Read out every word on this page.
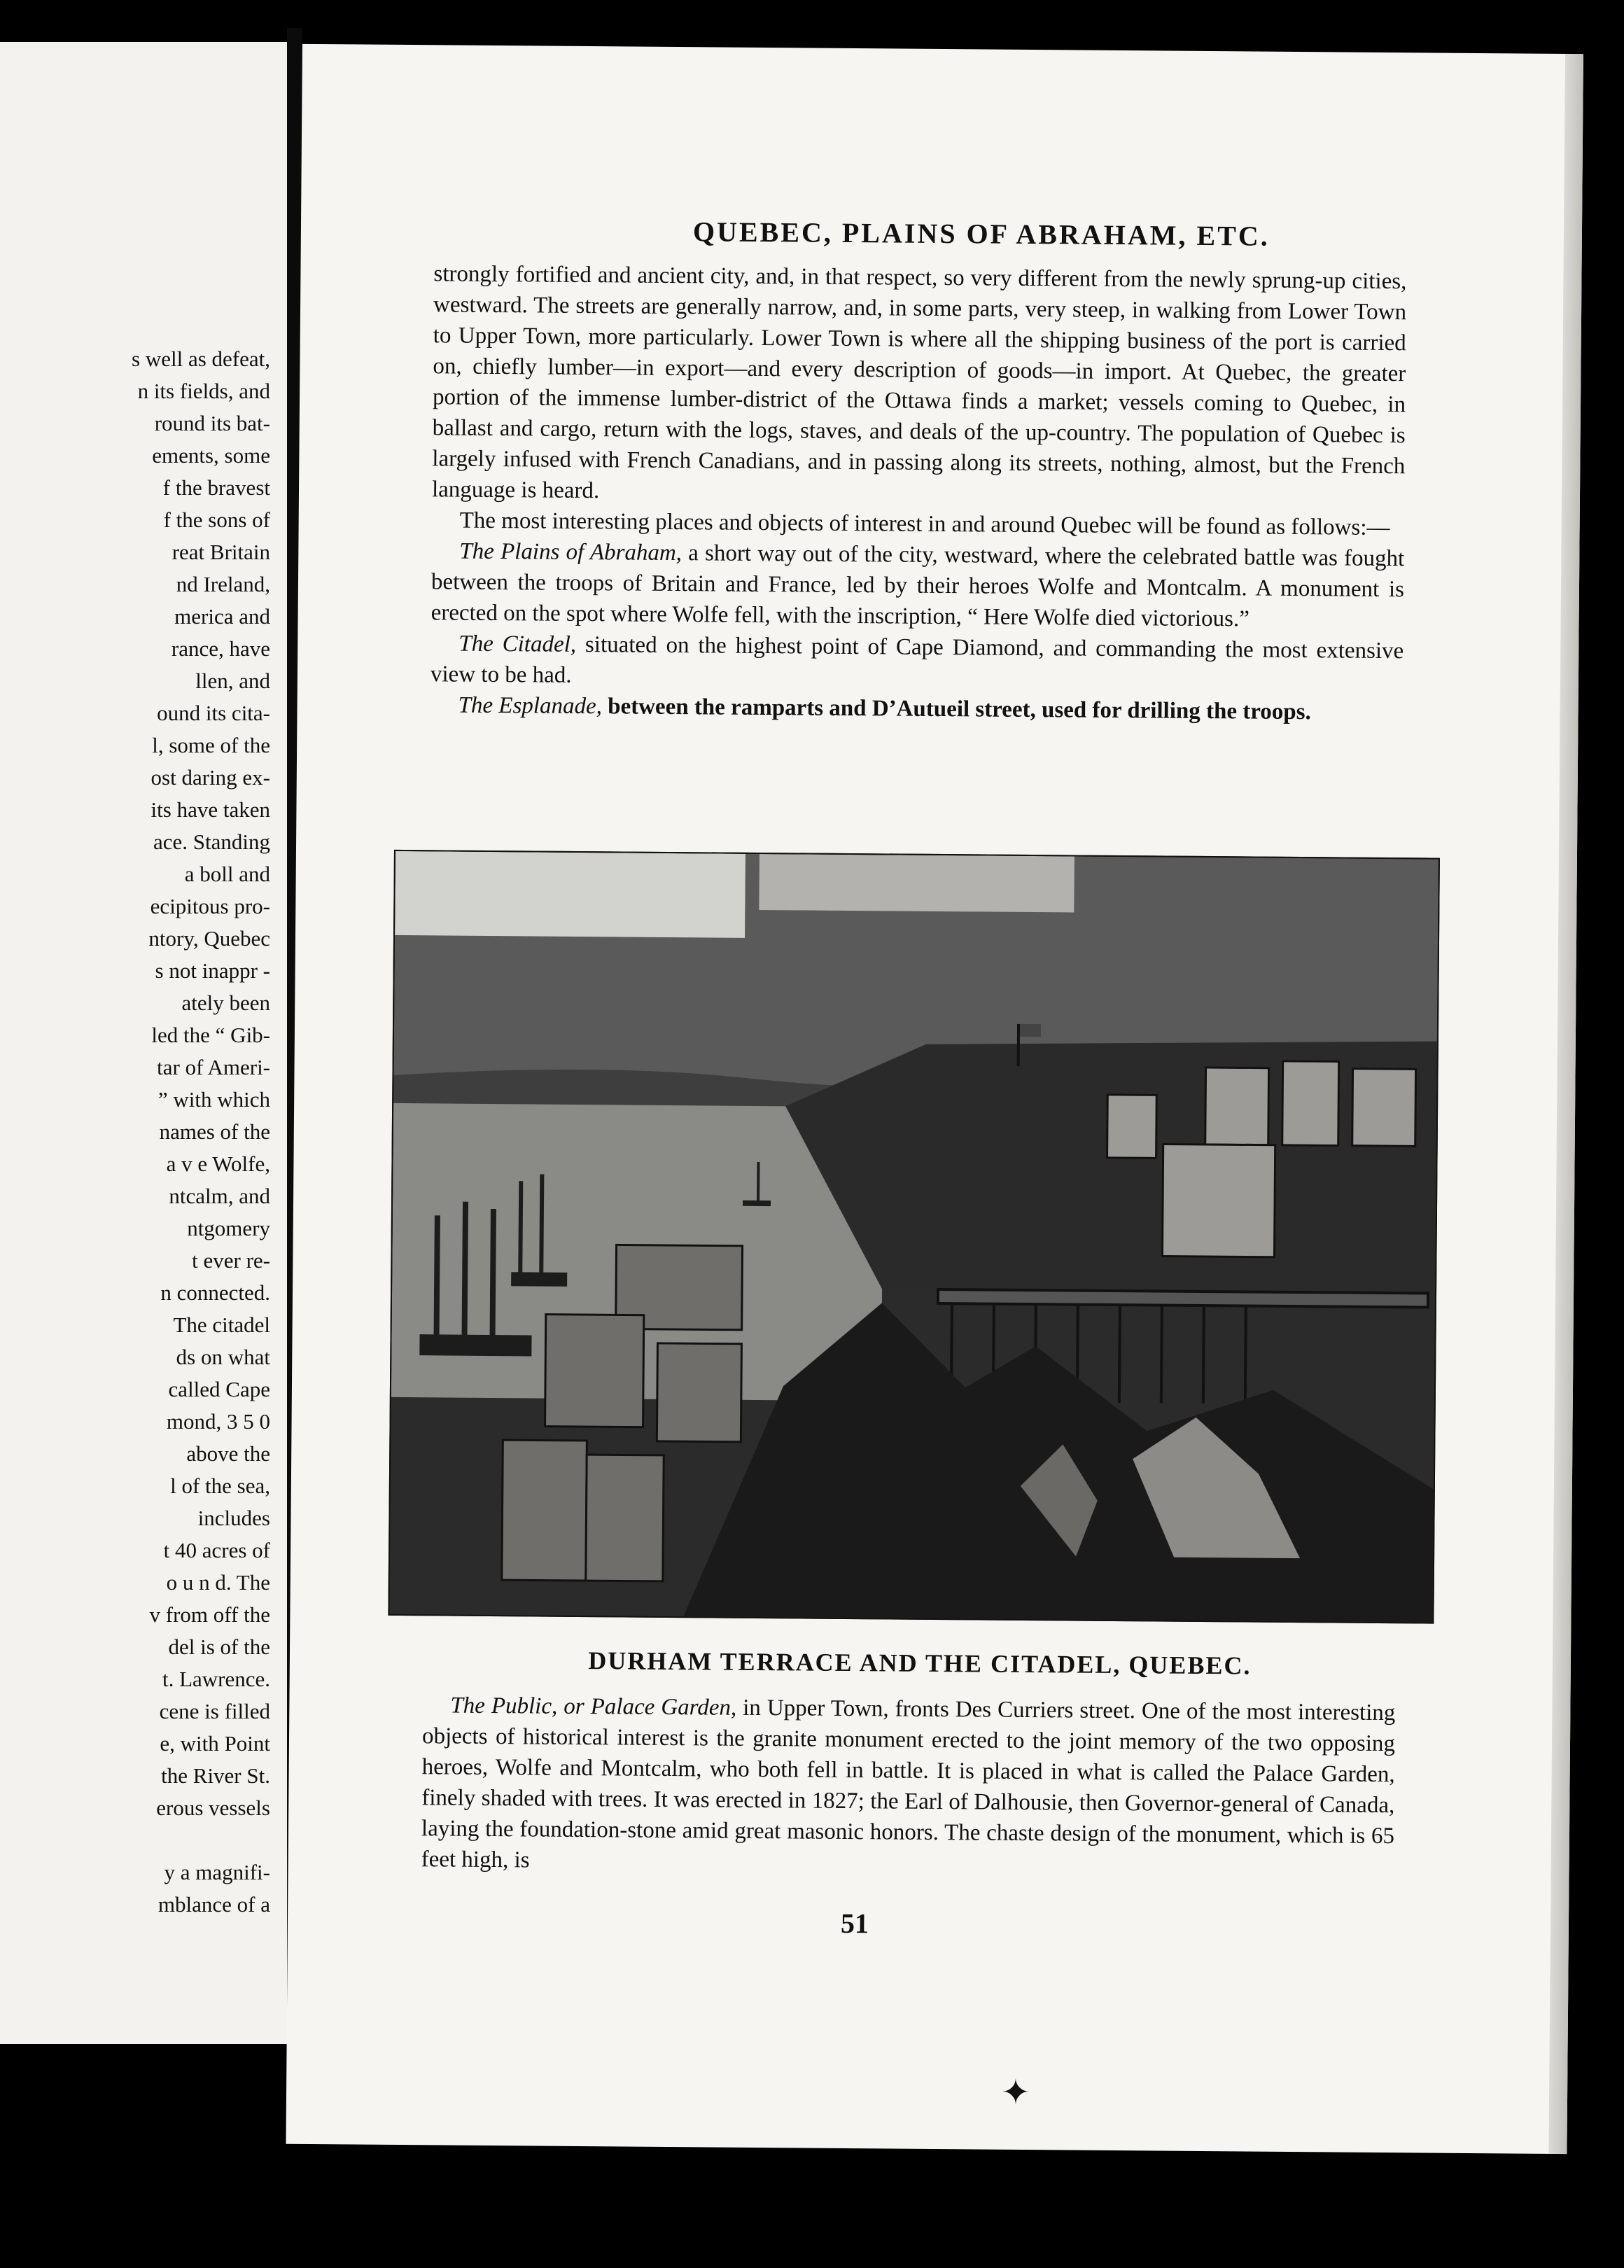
s well as defeat,
n its fields, and
round its bat-
ements, some
f the bravest
f the sons of
reat Britain
nd Ireland,
merica and
rance, have
llen, and
ound its cita-
l, some of the
ost daring ex-
its have taken
ace. Standing
a boll and
ecipitous pro-
ntory, Quebec
s not inappr -
ately been
led the “ Gib-
tar of Ameri-
” with which
names of the
a v e Wolfe,
ntcalm, and
ntgomery
t ever re-
n connected.
The citadel
ds on what
called Cape
mond, 3 5 0
above the
l of the sea,
includes
t 40 acres of
o u n d. The
v from off the
del is of the
t. Lawrence.
cene is filled
e, with Point
the River St.
erous vessels
y a magnifi-
mblance of a
QUEBEC, PLAINS OF ABRAHAM, ETC.

strongly fortified and ancient city, and, in that respect, so very different from the newly sprung-up cities, westward. The streets are generally narrow, and, in some parts, very steep, in walking from Lower Town to Upper Town, more particularly. Lower Town is where all the shipping business of the port is carried on, chiefly lumber—in export—and every description of goods—in import. At Quebec, the greater portion of the immense lumber-district of the Ottawa finds a market; vessels coming to Quebec, in ballast and cargo, return with the logs, staves, and deals of the up-country. The population of Quebec is largely infused with French Canadians, and in passing along its streets, nothing, almost, but the French language is heard.

The most interesting places and objects of interest in and around Quebec will be found as follows:—

The Plains of Abraham, a short way out of the city, westward, where the celebrated battle was fought between the troops of Britain and France, led by their heroes Wolfe and Montcalm. A monument is erected on the spot where Wolfe fell, with the inscription, “ Here Wolfe died victorious.”

The Citadel, situated on the highest point of Cape Diamond, and commanding the most extensive view to be had.

The Esplanade, between the ramparts and D’Autueil street, used for drilling the troops.

DURHAM TERRACE AND THE CITADEL, QUEBEC.

The Public, or Palace Garden, in Upper Town, fronts Des Curriers street. One of the most interesting objects of historical interest is the granite monument erected to the joint memory of the two opposing heroes, Wolfe and Montcalm, who both fell in battle. It is placed in what is called the Palace Garden, finely shaded with trees. It was erected in 1827; the Earl of Dalhousie, then Governor-general of Canada, laying the foundation-stone amid great masonic honors. The chaste design of the monument, which is 65 feet high, is

51
✦
